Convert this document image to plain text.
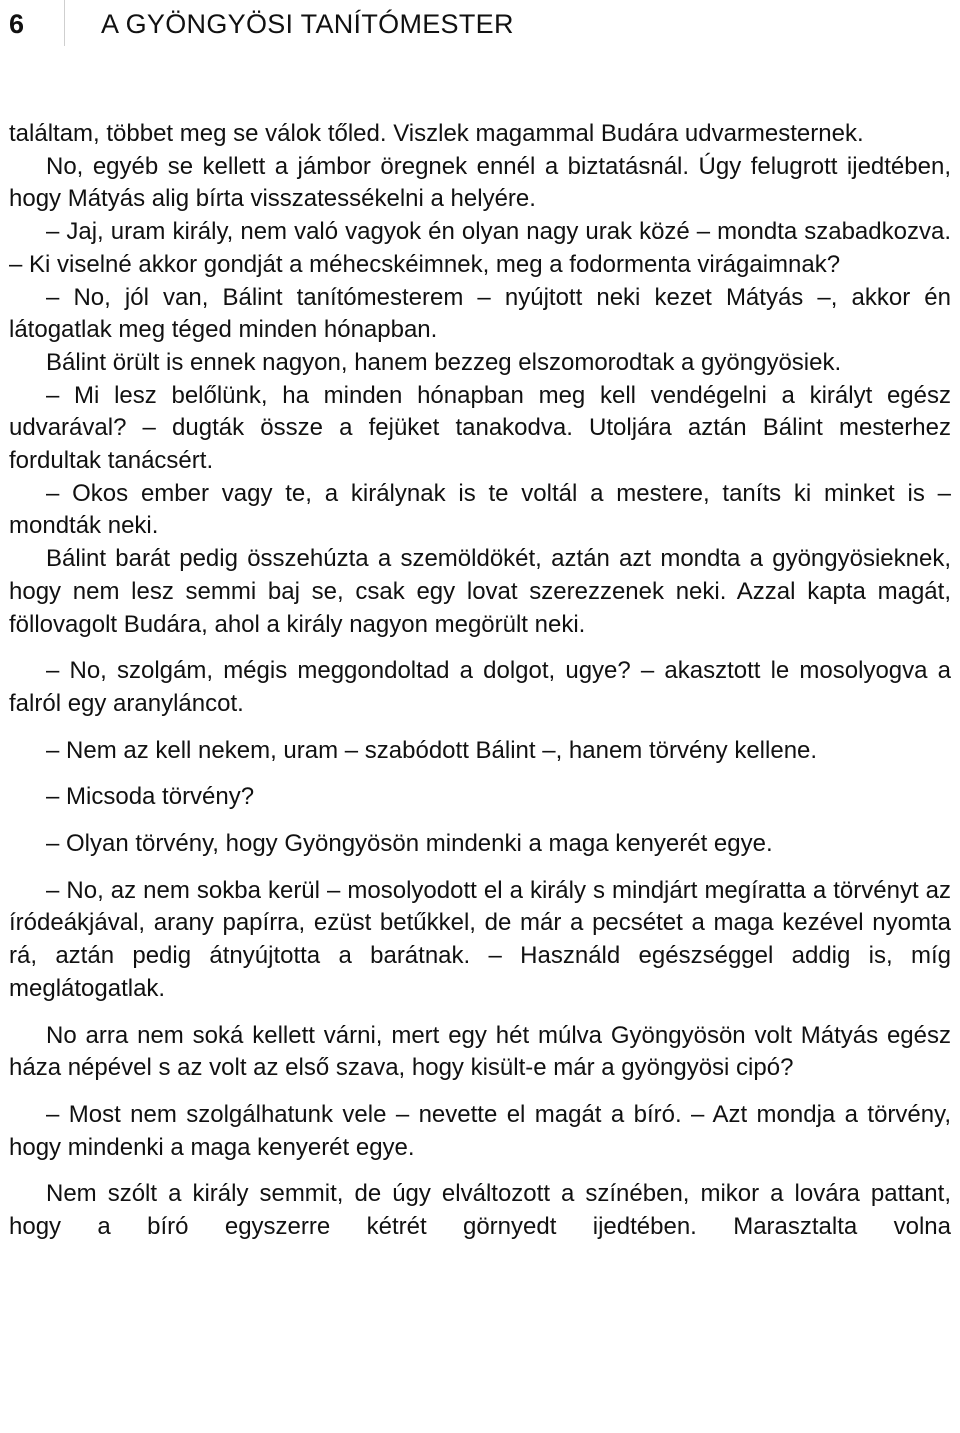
6	A GYÖNGYÖSI TANÍTÓMESTER

találtam, többet meg se válok tőled. Viszlek magammal Budára udvarmesternek.

No, egyéb se kellett a jámbor öregnek ennél a biztatásnál. Úgy felugrott ijedtében, hogy Mátyás alig bírta visszatessékelni a helyére.

– Jaj, uram király, nem való vagyok én olyan nagy urak közé – mondta szabadkozva. – Ki viselné akkor gondját a méhecskéimnek, meg a fodormenta virágaimnak?

– No, jól van, Bálint tanítómesterem – nyújtott neki kezet Mátyás –, akkor én látogatlak meg téged minden hónapban.

Bálint örült is ennek nagyon, hanem bezzeg elszomorodtak a gyöngyösiek.

– Mi lesz belőlünk, ha minden hónapban meg kell vendégelni a királyt egész udvarával? – dugták össze a fejüket tanakodva. Utoljára aztán Bálint mesterhez fordultak tanácsért.

– Okos ember vagy te, a királynak is te voltál a mestere, taníts ki minket is – mondták neki.

Bálint barát pedig összehúzta a szemöldökét, aztán azt mondta a gyöngyösieknek, hogy nem lesz semmi baj se, csak egy lovat szerezzenek neki. Azzal kapta magát, föllovagolt Budára, ahol a király nagyon megörült neki.

– No, szolgám, mégis meggondoltad a dolgot, ugye? – akasztott le mosolyogva a falról egy aranyláncot.

– Nem az kell nekem, uram – szabódott Bálint –, hanem törvény kellene.

– Micsoda törvény?

– Olyan törvény, hogy Gyöngyösön mindenki a maga kenyerét egye.

– No, az nem sokba kerül – mosolyodott el a király s mindjárt megíratta a törvényt az íródeákjával, arany papírra, ezüst betűkkel, de már a pecsétet a maga kezével nyomta rá, aztán pedig átnyújtotta a barátnak. – Használd egészséggel addig is, míg meglátogatlak.

No arra nem soká kellett várni, mert egy hét múlva Gyöngyösön volt Mátyás egész háza népével s az volt az első szava, hogy kisült-e már a gyöngyösi cipó?

– Most nem szolgálhatunk vele – nevette el magát a bíró. – Azt mondja a törvény, hogy mindenki a maga kenyerét egye.

Nem szólt a király semmit, de úgy elváltozott a színében, mikor a lovára pattant, hogy a bíró egyszerre kétrét görnyedt ijedtében. Marasztalta volna
